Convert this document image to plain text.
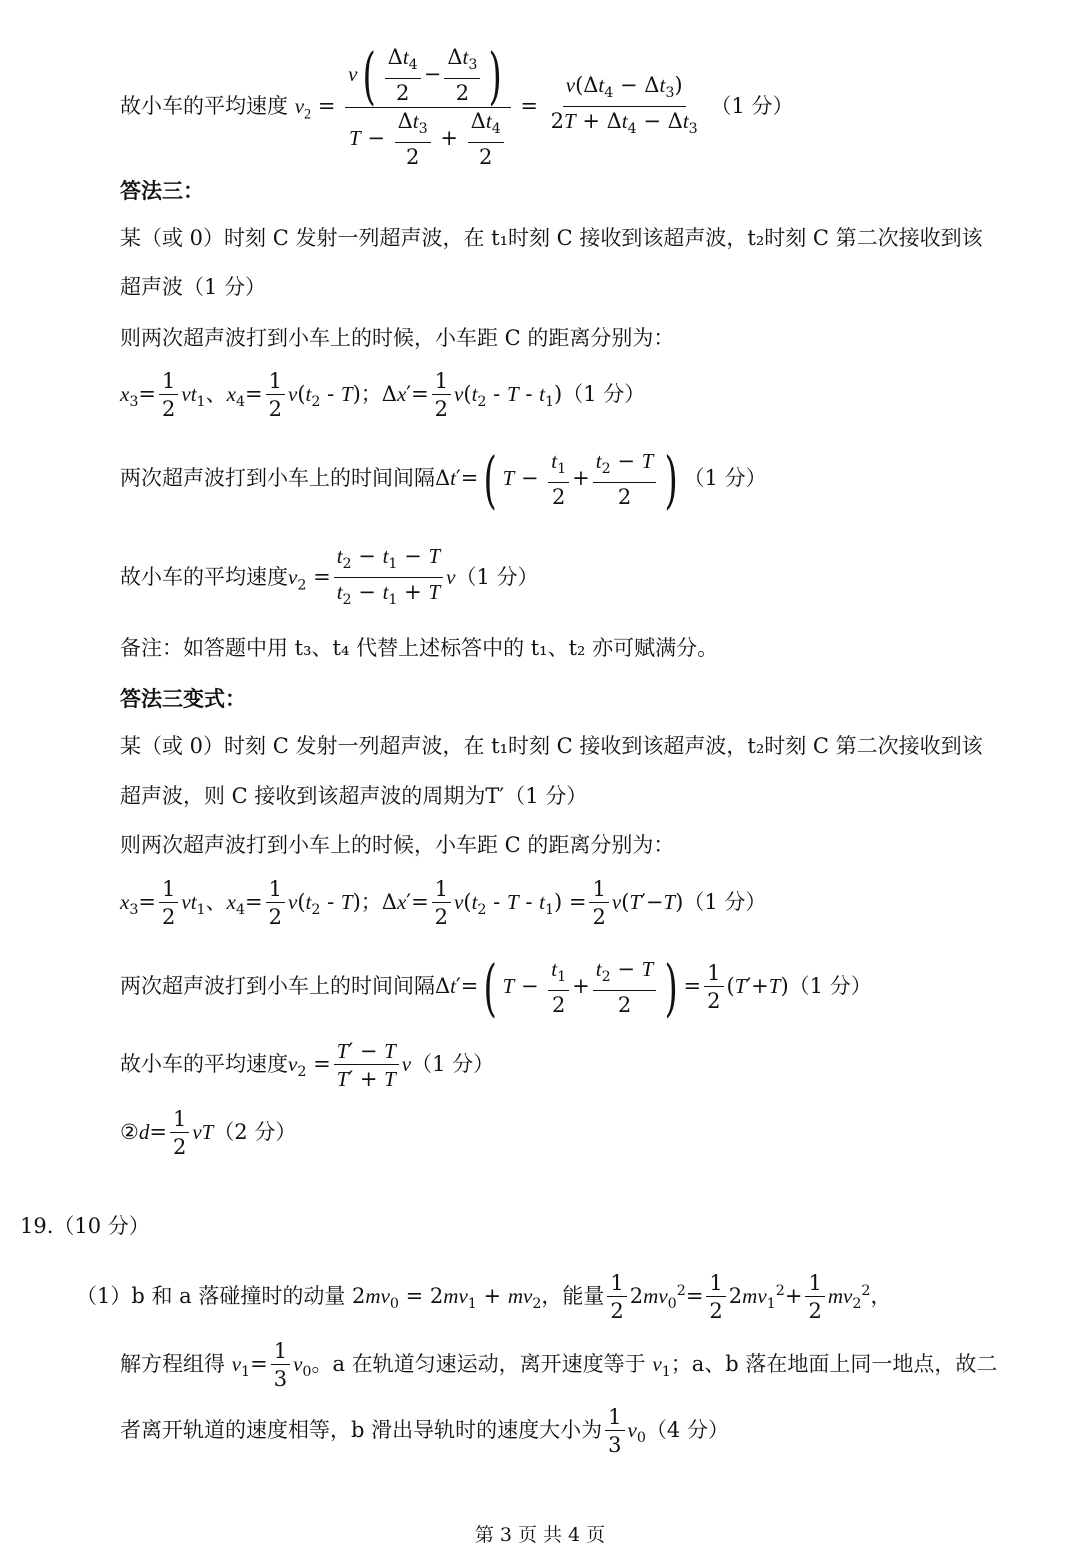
故小车的平均速度 $v_2 = \frac{v( \frac{\Delta t_4}{2} - \frac{\Delta t_3}{2} )}{T - \frac{\Delta t_3}{2} + \frac{\Delta t_4}{2}} = \frac{v(\Delta t_4 - \Delta t_3)}{2T + \Delta t_4 - \Delta t_3} (1$ 分）
答法三：
某（或 0）时刻 C 发射一列超声波，在 t₁时刻 C 接收到该超声波，t₂时刻 C 第二次接收到该
超声波（1 分）
则两次超声波打到小车上的时候，小车距 C 的距离分别为：
$x_3= \frac{1}{2} vt_1$、$x_4= \frac{1}{2} v(t_2 - T)$；$\Delta x'= \frac{1}{2} v(t_2 - T - t_1)(1$ 分）
两次超声波打到小车上的时间间隔Δt′=( $T - \frac{t_1}{2} + \frac{t_2 - T}{2}$ ) （1 分）
故小车的平均速度$v_2 = \frac{t_2 - t_1 - T}{t_2 - t_1 + T} v(1$ 分）
备注：如答题中用 t₃、t₄ 代替上述标答中的 t₁、t₂ 亦可赋满分。
答法三变式：
某（或 0）时刻 C 发射一列超声波，在 t₁时刻 C 接收到该超声波，t₂时刻 C 第二次接收到该
超声波，则 C 接收到该超声波的周期为T′（1 分）
则两次超声波打到小车上的时候，小车距 C 的距离分别为：
$x_3= \frac{1}{2} vt_1$、$x_4= \frac{1}{2} v(t_2 - T)$；$\Delta x'= \frac{1}{2} v(t_2 - T - t_1) = \frac{1}{2} v(T'-T)(1$ 分）
两次超声波打到小车上的时间间隔Δt′=( $T - \frac{t_1}{2} + \frac{t_2 - T}{2}$ ) = $\frac{1}{2} (T'+T)(1$ 分）
故小车的平均速度$v_2 = \frac{T' - T}{T' + T} v(1$ 分）
②d= $\frac{1}{2} vT(2$ 分）
19.（10 分）
（1）b 和 a 落碰撞时的动量 $2mv_0 = 2mv_1 + mv_2$，能量 $\frac{1}{2} 2mv_0^2= \frac{1}{2} 2mv_1^2+ \frac{1}{2} mv_2^2$，
解方程组得 $v_1= \frac{1}{3} v_0$。a 在轨道匀速运动，离开速度等于 $v_1$；a、b 落在地面上同一地点，故二
者离开轨道的速度相等，b 滑出导轨时的速度大小为 $\frac{1}{3} v_0(4$ 分）
第 3 页 共 4 页
